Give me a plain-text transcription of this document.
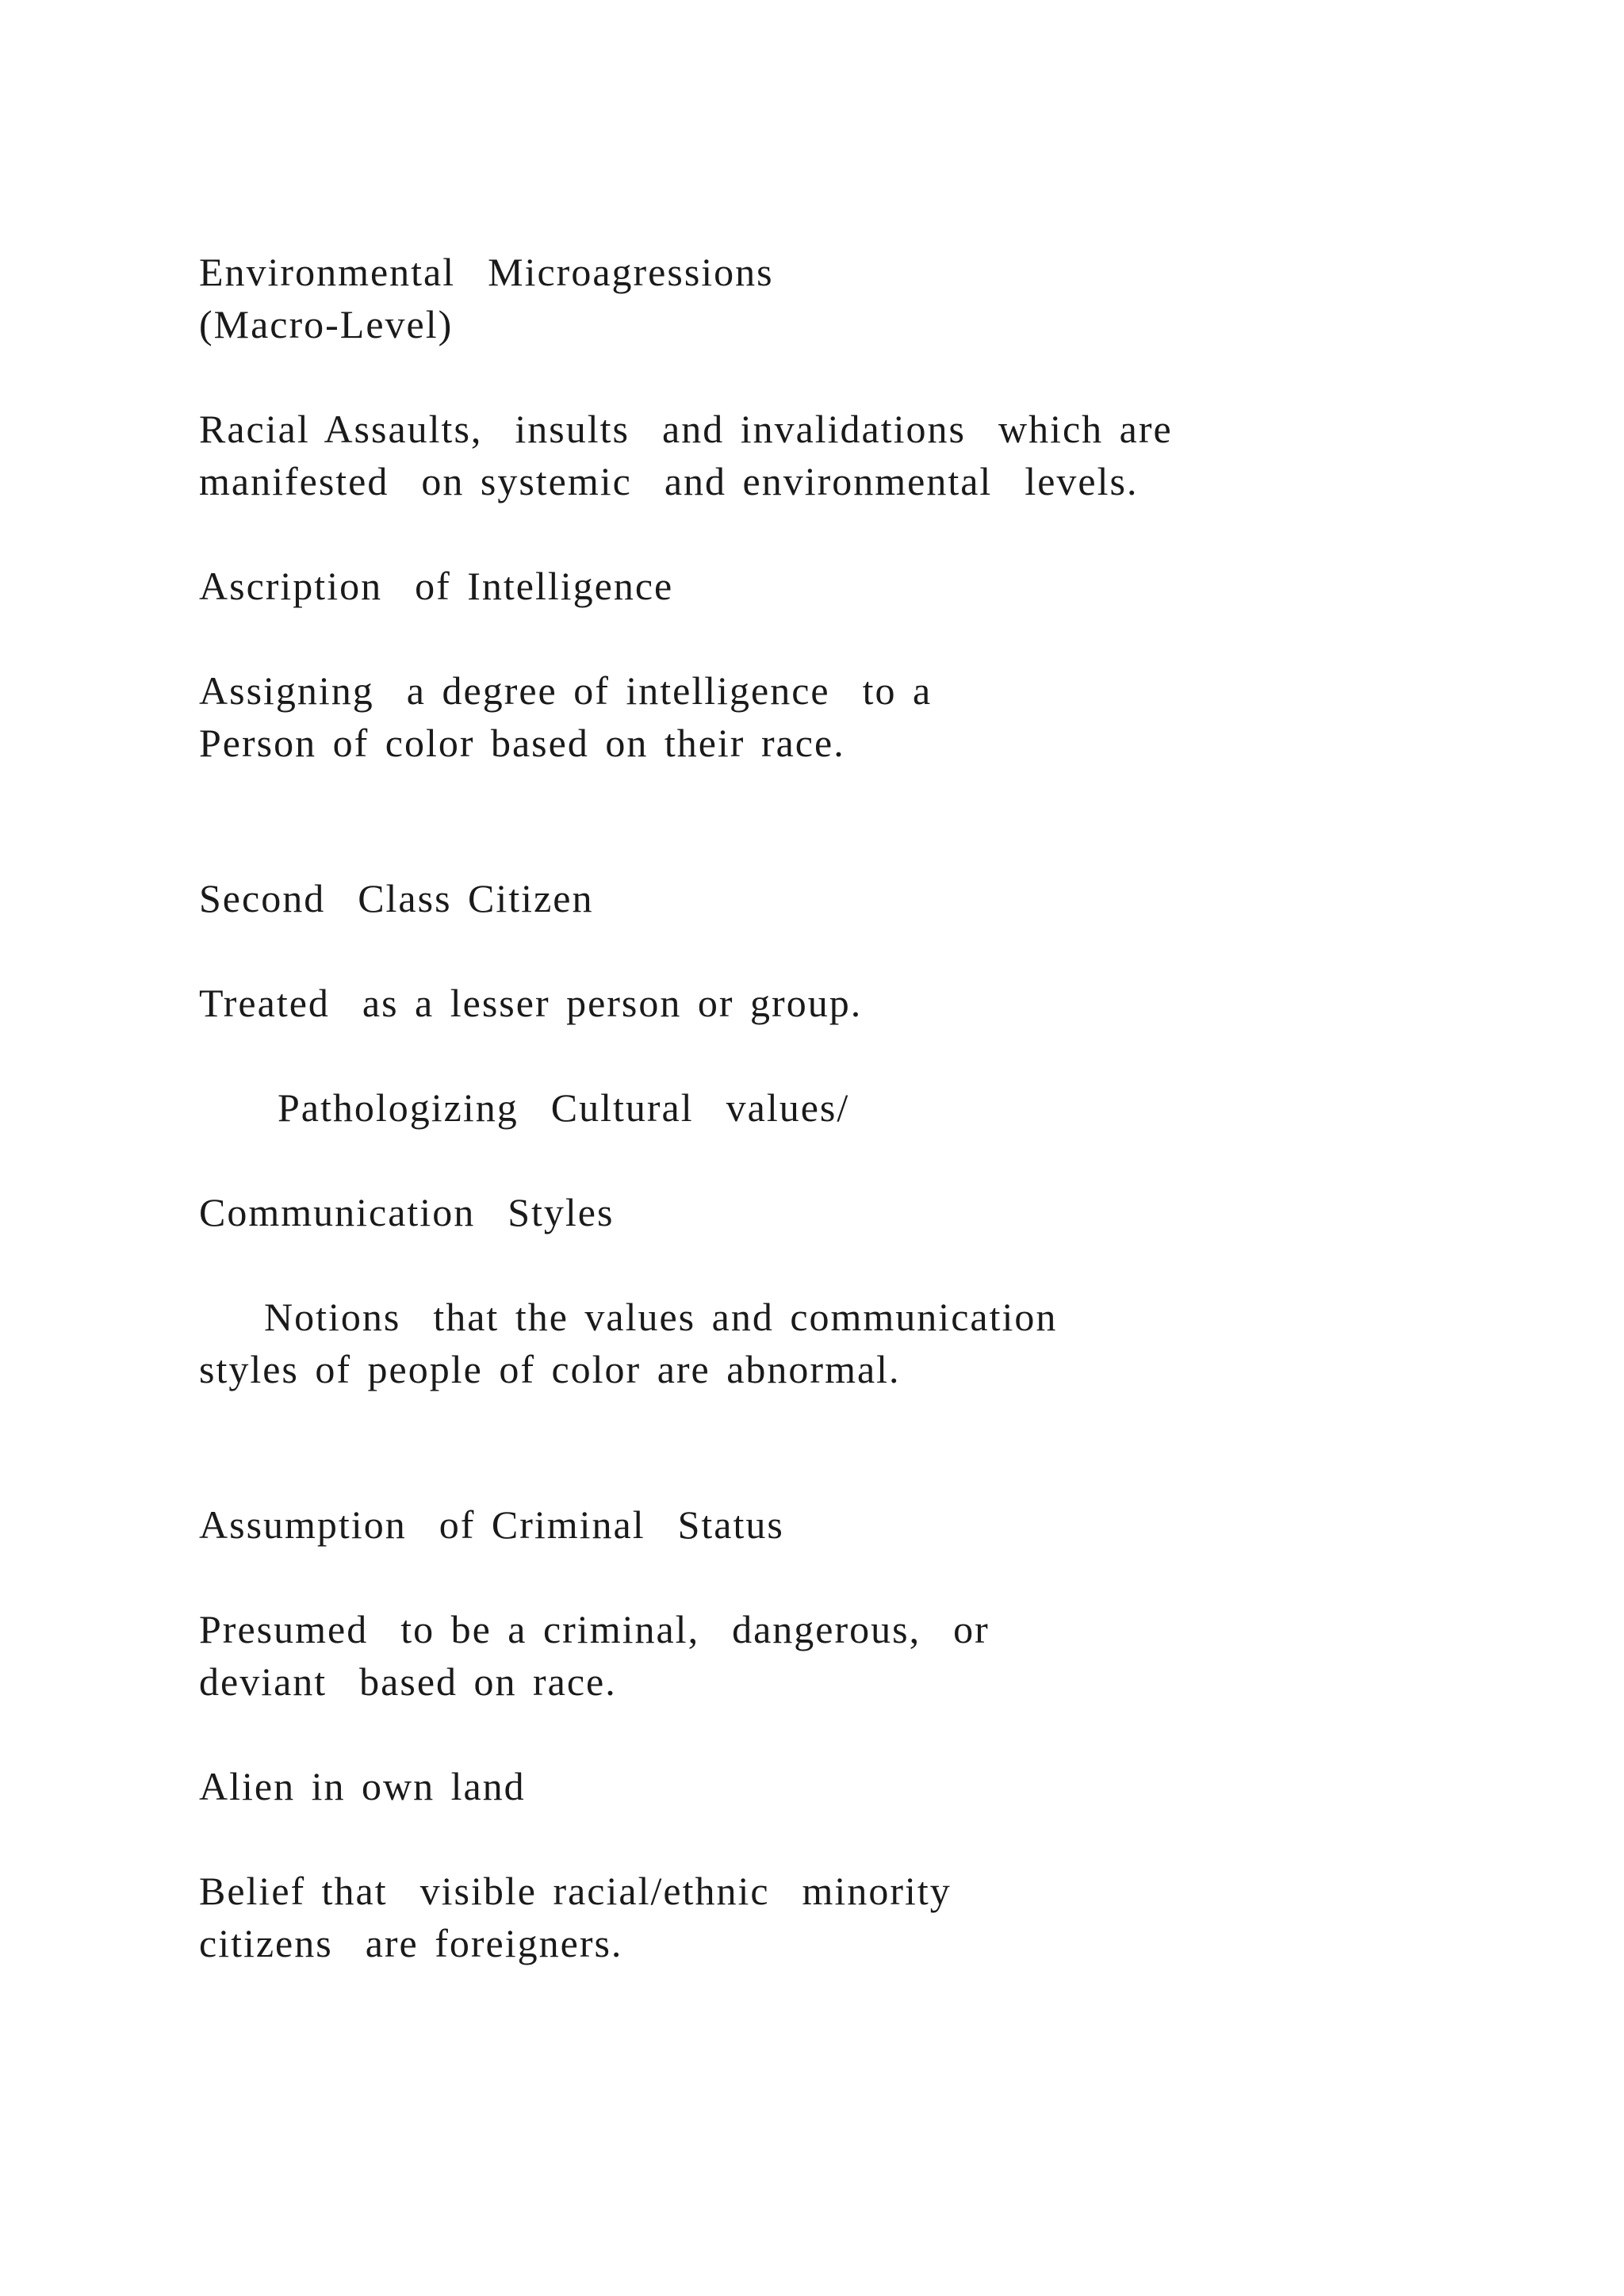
Environmental  Microagressions

(Macro-Level)

Racial Assaults,  insults  and invalidations  which are

manifested  on systemic  and environmental  levels.

Ascription  of Intelligence

Assigning  a degree of intelligence  to a

Person of color based on their race.

Second  Class Citizen

Treated  as a lesser person or group.

Pathologizing  Cultural  values/

Communication  Styles

Notions  that the values and communication

styles of people of color are abnormal.

Assumption  of Criminal  Status

Presumed  to be a criminal,  dangerous,  or

deviant  based on race.

Alien in own land

Belief that  visible racial/ethnic  minority

citizens  are foreigners.
